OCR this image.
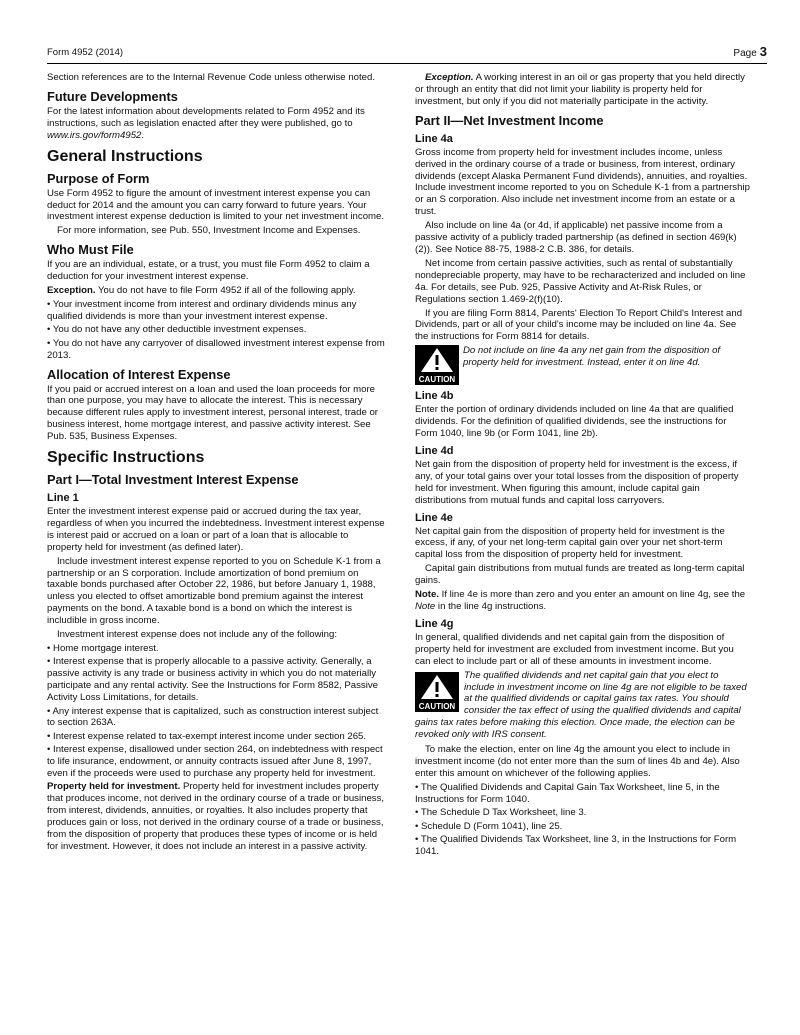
Form 4952 (2014)	Page 3

Section references are to the Internal Revenue Code unless otherwise noted.

Future Developments

For the latest information about developments related to Form 4952 and its instructions, such as legislation enacted after they were published, go to www.irs.gov/form4952.

General Instructions
Purpose of Form

Use Form 4952 to figure the amount of investment interest expense you can deduct for 2014 and the amount you can carry forward to future years. Your investment interest expense deduction is limited to your net investment income.

For more information, see Pub. 550, Investment Income and Expenses.

Who Must File

If you are an individual, estate, or a trust, you must file Form 4952 to claim a deduction for your investment interest expense.

Exception. You do not have to file Form 4952 if all of the following apply.

• Your investment income from interest and ordinary dividends minus any qualified dividends is more than your investment interest expense.

• You do not have any other deductible investment expenses.

• You do not have any carryover of disallowed investment interest expense from 2013.

Allocation of Interest Expense

If you paid or accrued interest on a loan and used the loan proceeds for more than one purpose, you may have to allocate the interest. This is necessary because different rules apply to investment interest, personal interest, trade or business interest, home mortgage interest, and passive activity interest. See Pub. 535, Business Expenses.

Specific Instructions
Part I—Total Investment Interest Expense
Line 1

Enter the investment interest expense paid or accrued during the tax year, regardless of when you incurred the indebtedness. Investment interest expense is interest paid or accrued on a loan or part of a loan that is allocable to property held for investment (as defined later).

Include investment interest expense reported to you on Schedule K-1 from a partnership or an S corporation. Include amortization of bond premium on taxable bonds purchased after October 22, 1986, but before January 1, 1988, unless you elected to offset amortizable bond premium against the interest payments on the bond. A taxable bond is a bond on which the interest is includible in gross income.

Investment interest expense does not include any of the following:

• Home mortgage interest.

• Interest expense that is properly allocable to a passive activity. Generally, a passive activity is any trade or business activity in which you do not materially participate and any rental activity. See the Instructions for Form 8582, Passive Activity Loss Limitations, for details.

• Any interest expense that is capitalized, such as construction interest subject to section 263A.

• Interest expense related to tax-exempt interest income under section 265.

• Interest expense, disallowed under section 264, on indebtedness with respect to life insurance, endowment, or annuity contracts issued after June 8, 1997, even if the proceeds were used to purchase any property held for investment.

Property held for investment. Property held for investment includes property that produces income, not derived in the ordinary course of a trade or business, from interest, dividends, annuities, or royalties. It also includes property that produces gain or loss, not derived in the ordinary course of a trade or business, from the disposition of property that produces these types of income or is held for investment. However, it does not include an interest in a passive activity.

Exception. A working interest in an oil or gas property that you held directly or through an entity that did not limit your liability is property held for investment, but only if you did not materially participate in the activity.

Part II—Net Investment Income
Line 4a

Gross income from property held for investment includes income, unless derived in the ordinary course of a trade or business, from interest, ordinary dividends (except Alaska Permanent Fund dividends), annuities, and royalties. Include investment income reported to you on Schedule K-1 from a partnership or an S corporation. Also include net investment income from an estate or a trust.

Also include on line 4a (or 4d, if applicable) net passive income from a passive activity of a publicly traded partnership (as defined in section 469(k)(2)). See Notice 88-75, 1988-2 C.B. 386, for details.

Net income from certain passive activities, such as rental of substantially nondepreciable property, may have to be recharacterized and included on line 4a. For details, see Pub. 925, Passive Activity and At-Risk Rules, or Regulations section 1.469-2(f)(10).

If you are filing Form 8814, Parents' Election To Report Child's Interest and Dividends, part or all of your child's income may be included on line 4a. See the instructions for Form 8814 for details.

CAUTION
Do not include on line 4a any net gain from the disposition of property held for investment. Instead, enter it on line 4d.
Line 4b

Enter the portion of ordinary dividends included on line 4a that are qualified dividends. For the definition of qualified dividends, see the instructions for Form 1040, line 9b (or Form 1041, line 2b).

Line 4d

Net gain from the disposition of property held for investment is the excess, if any, of your total gains over your total losses from the disposition of property held for investment. When figuring this amount, include capital gain distributions from mutual funds and capital loss carryovers.

Line 4e

Net capital gain from the disposition of property held for investment is the excess, if any, of your net long-term capital gain over your net short-term capital loss from the disposition of property held for investment.

Capital gain distributions from mutual funds are treated as long-term capital gains.

Note. If line 4e is more than zero and you enter an amount on line 4g, see the Note in the line 4g instructions.

Line 4g

In general, qualified dividends and net capital gain from the disposition of property held for investment are excluded from investment income. But you can elect to include part or all of these amounts in investment income.

CAUTION

The qualified dividends and net capital gain that you elect to include in investment income on line 4g are not eligible to be taxed at the qualified dividends or capital gains tax rates. You should consider the tax effect of using the qualified dividends and capital gains tax rates before making this election. Once made, the election can be revoked only with IRS consent.

To make the election, enter on line 4g the amount you elect to include in investment income (do not enter more than the sum of lines 4b and 4e). Also enter this amount on whichever of the following applies.

• The Qualified Dividends and Capital Gain Tax Worksheet, line 5, in the Instructions for Form 1040.

• The Schedule D Tax Worksheet, line 3.

• Schedule D (Form 1041), line 25.

• The Qualified Dividends Tax Worksheet, line 3, in the Instructions for Form 1041.
